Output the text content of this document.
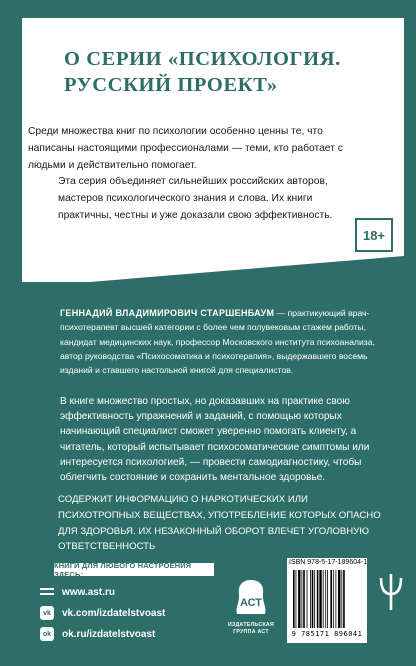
О СЕРИИ «ПСИХОЛОГИЯ. РУССКИЙ ПРОЕКТ»

Среди множества книг по психологии особенно ценны те, что написаны настоящими профессионалами — теми, кто работает с людьми и действительно помогает.

Эта серия объединяет сильнейших российских авторов, мастеров психологического знания и слова. Их книги практичны, честны и уже доказали свою эффективность.

18+

ГЕННАДИЙ ВЛАДИМИРОВИЧ СТАРШЕНБАУМ — практикующий врач-психотерапевт высшей категории с более чем полувековым стажем работы, кандидат медицинских наук, профессор Московского института психоанализа, автор руководства «Психосоматика и психотерапия», выдержавшего восемь изданий и ставшего настольной книгой для специалистов.

В книге множество простых, но доказавших на практике свою эффективность упражнений и заданий, с помощью которых начинающий специалист сможет уверенно помогать клиенту, а читатель, который испытывает психосоматические симптомы или интересуется психологией, — провести самодиагностику, чтобы облегчить состояние и сохранить ментальное здоровье.

СОДЕРЖИТ ИНФОРМАЦИЮ О НАРКОТИЧЕСКИХ ИЛИ ПСИХОТРОПНЫХ ВЕЩЕСТВАХ, УПОТРЕБЛЕНИЕ КОТОРЫХ ОПАСНО ДЛЯ ЗДОРОВЬЯ. ИХ НЕЗАКОННЫЙ ОБОРОТ ВЛЕЧЕТ УГОЛОВНУЮ ОТВЕТСТВЕННОСТЬ

КНИГИ ДЛЯ ЛЮБОГО НАСТРОЕНИЯ ЗДЕСЬ:
www.ast.ru
vk	vk.com/izdatelstvoast
ok ok.ru/izdatelstvoast
АСТ
ИЗДАТЕЛЬСКАЯ ГРУППА АСТ
ISBN 978-5-17-189604-1
9 785171 896041
